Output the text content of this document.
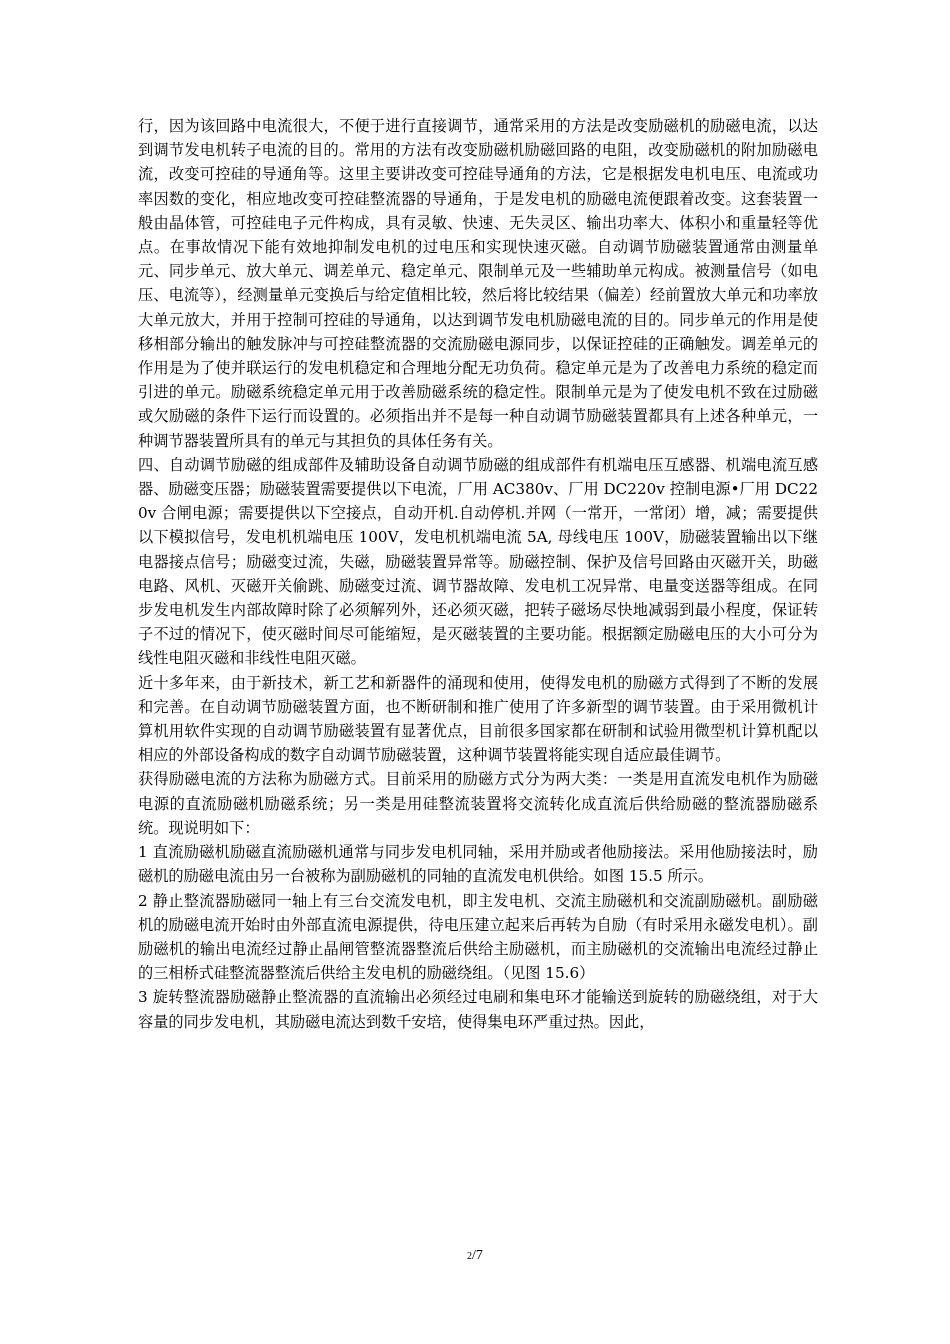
行，因为该回路中电流很大，不便于进行直接调节，通常采用的方法是改变励磁机的励磁电流，以达到调节发电机转子电流的目的。常用的方法有改变励磁机励磁回路的电阻，改变励磁机的附加励磁电流，改变可控硅的导通角等。这里主要讲改变可控硅导通角的方法，它是根据发电机电压、电流或功率因数的变化，相应地改变可控硅整流器的导通角，于是发电机的励磁电流便跟着改变。这套装置一般由晶体管，可控硅电子元件构成，具有灵敏、快速、无失灵区、输出功率大、体积小和重量轻等优点。在事故情况下能有效地抑制发电机的过电压和实现快速灭磁。自动调节励磁装置通常由测量单元、同步单元、放大单元、调差单元、稳定单元、限制单元及一些辅助单元构成。被测量信号（如电压、电流等），经测量单元变换后与给定值相比较，然后将比较结果（偏差）经前置放大单元和功率放大单元放大，并用于控制可控硅的导通角，以达到调节发电机励磁电流的目的。同步单元的作用是使移相部分输出的触发脉冲与可控硅整流器的交流励磁电源同步，以保证控硅的正确触发。调差单元的作用是为了使并联运行的发电机稳定和合理地分配无功负荷。稳定单元是为了改善电力系统的稳定而引进的单元。励磁系统稳定单元用于改善励磁系统的稳定性。限制单元是为了使发电机不致在过励磁或欠励磁的条件下运行而设置的。必须指出并不是每一种自动调节励磁装置都具有上述各种单元，一种调节器装置所具有的单元与其担负的具体任务有关。

四、自动调节励磁的组成部件及辅助设备自动调节励磁的组成部件有机端电压互感器、机端电流互感器、励磁变压器；励磁装置需要提供以下电流，厂用 AC380v、厂用 DC220v 控制电源•厂用 DC220v 合闸电源；需要提供以下空接点，自动开机.自动停机.并网（一常开，一常闭）增，减；需要提供以下模拟信号，发电机机端电压 100V，发电机机端电流 5A, 母线电压 100V，励磁装置输出以下继电器接点信号；励磁变过流，失磁，励磁装置异常等。励磁控制、保护及信号回路由灭磁开关，助磁电路、风机、灭磁开关偷跳、励磁变过流、调节器故障、发电机工况异常、电量变送器等组成。在同步发电机发生内部故障时除了必须解列外，还必须灭磁，把转子磁场尽快地减弱到最小程度，保证转子不过的情况下，使灭磁时间尽可能缩短，是灭磁装置的主要功能。根据额定励磁电压的大小可分为线性电阻灭磁和非线性电阻灭磁。

近十多年来，由于新技术，新工艺和新器件的涌现和使用，使得发电机的励磁方式得到了不断的发展和完善。在自动调节励磁装置方面，也不断研制和推广使用了许多新型的调节装置。由于采用微机计算机用软件实现的自动调节励磁装置有显著优点，目前很多国家都在研制和试验用微型机计算机配以相应的外部设备构成的数字自动调节励磁装置，这种调节装置将能实现自适应最佳调节。

获得励磁电流的方法称为励磁方式。目前采用的励磁方式分为两大类：一类是用直流发电机作为励磁电源的直流励磁机励磁系统；另一类是用硅整流装置将交流转化成直流后供给励磁的整流器励磁系统。现说明如下：

1 直流励磁机励磁直流励磁机通常与同步发电机同轴，采用并励或者他励接法。采用他励接法时，励磁机的励磁电流由另一台被称为副励磁机的同轴的直流发电机供给。如图 15.5 所示。

2 静止整流器励磁同一轴上有三台交流发电机，即主发电机、交流主励磁机和交流副励磁机。副励磁机的励磁电流开始时由外部直流电源提供，待电压建立起来后再转为自励（有时采用永磁发电机）。副励磁机的输出电流经过静止晶闸管整流器整流后供给主励磁机，而主励磁机的交流输出电流经过静止的三相桥式硅整流器整流后供给主发电机的励磁绕组。（见图 15.6）

3 旋转整流器励磁静止整流器的直流输出必须经过电刷和集电环才能输送到旋转的励磁绕组，对于大容量的同步发电机，其励磁电流达到数千安培，使得集电环严重过热。因此，

2/7
